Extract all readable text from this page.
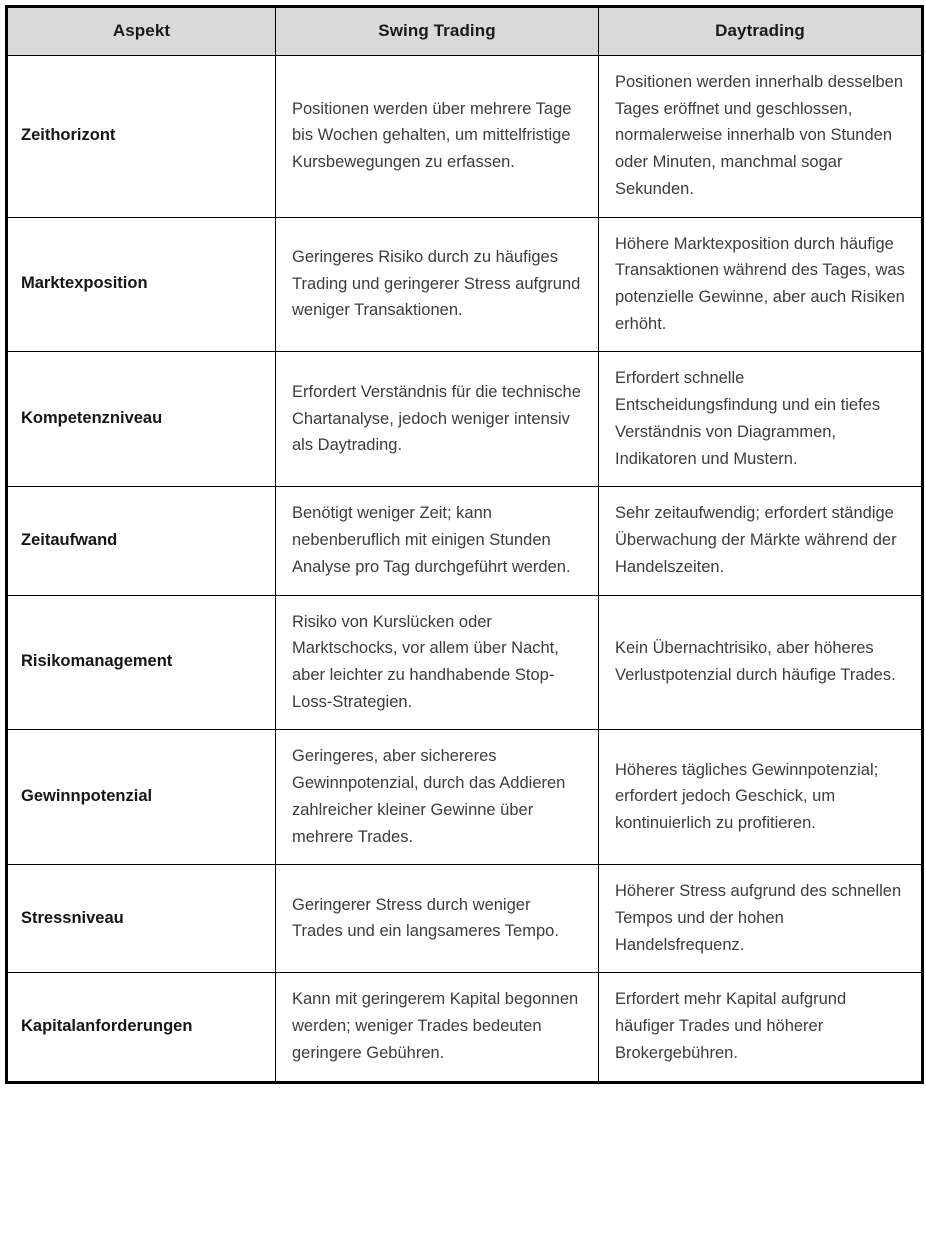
Aspekt	Swing Trading	Daytrading
Zeithorizont	Positionen werden über mehrere Tage bis Wochen gehalten, um mittelfristige Kursbewegungen zu erfassen.	Positionen werden innerhalb desselben Tages eröffnet und geschlossen, normalerweise innerhalb von Stunden oder Minuten, manchmal sogar Sekunden.
Marktexposition	Geringeres Risiko durch zu häufiges Trading und geringerer Stress aufgrund weniger Transaktionen.	Höhere Marktexposition durch häufige Transaktionen während des Tages, was potenzielle Gewinne, aber auch Risiken erhöht.
Kompetenzniveau	Erfordert Verständnis für die technische Chartanalyse, jedoch weniger intensiv als Daytrading.	Erfordert schnelle Entscheidungsfindung und ein tiefes Verständnis von Diagrammen, Indikatoren und Mustern.
Zeitaufwand	Benötigt weniger Zeit; kann nebenberuflich mit einigen Stunden Analyse pro Tag durchgeführt werden.	Sehr zeitaufwendig; erfordert ständige Überwachung der Märkte während der Handelszeiten.
Risikomanagement	Risiko von Kurslücken oder Marktschocks, vor allem über Nacht, aber leichter zu handhabende Stop-Loss-Strategien.	Kein Übernachtrisiko, aber höheres Verlustpotenzial durch häufige Trades.
Gewinnpotenzial	Geringeres, aber sichereres Gewinnpotenzial, durch das Addieren zahlreicher kleiner Gewinne über mehrere Trades.	Höheres tägliches Gewinnpotenzial; erfordert jedoch Geschick, um kontinuierlich zu profitieren.
Stressniveau	Geringerer Stress durch weniger Trades und ein langsameres Tempo.	Höherer Stress aufgrund des schnellen Tempos und der hohen Handelsfrequenz.
Kapitalanforderungen	Kann mit geringerem Kapital begonnen werden; weniger Trades bedeuten geringere Gebühren.	Erfordert mehr Kapital aufgrund häufiger Trades und höherer Brokergebühren.
